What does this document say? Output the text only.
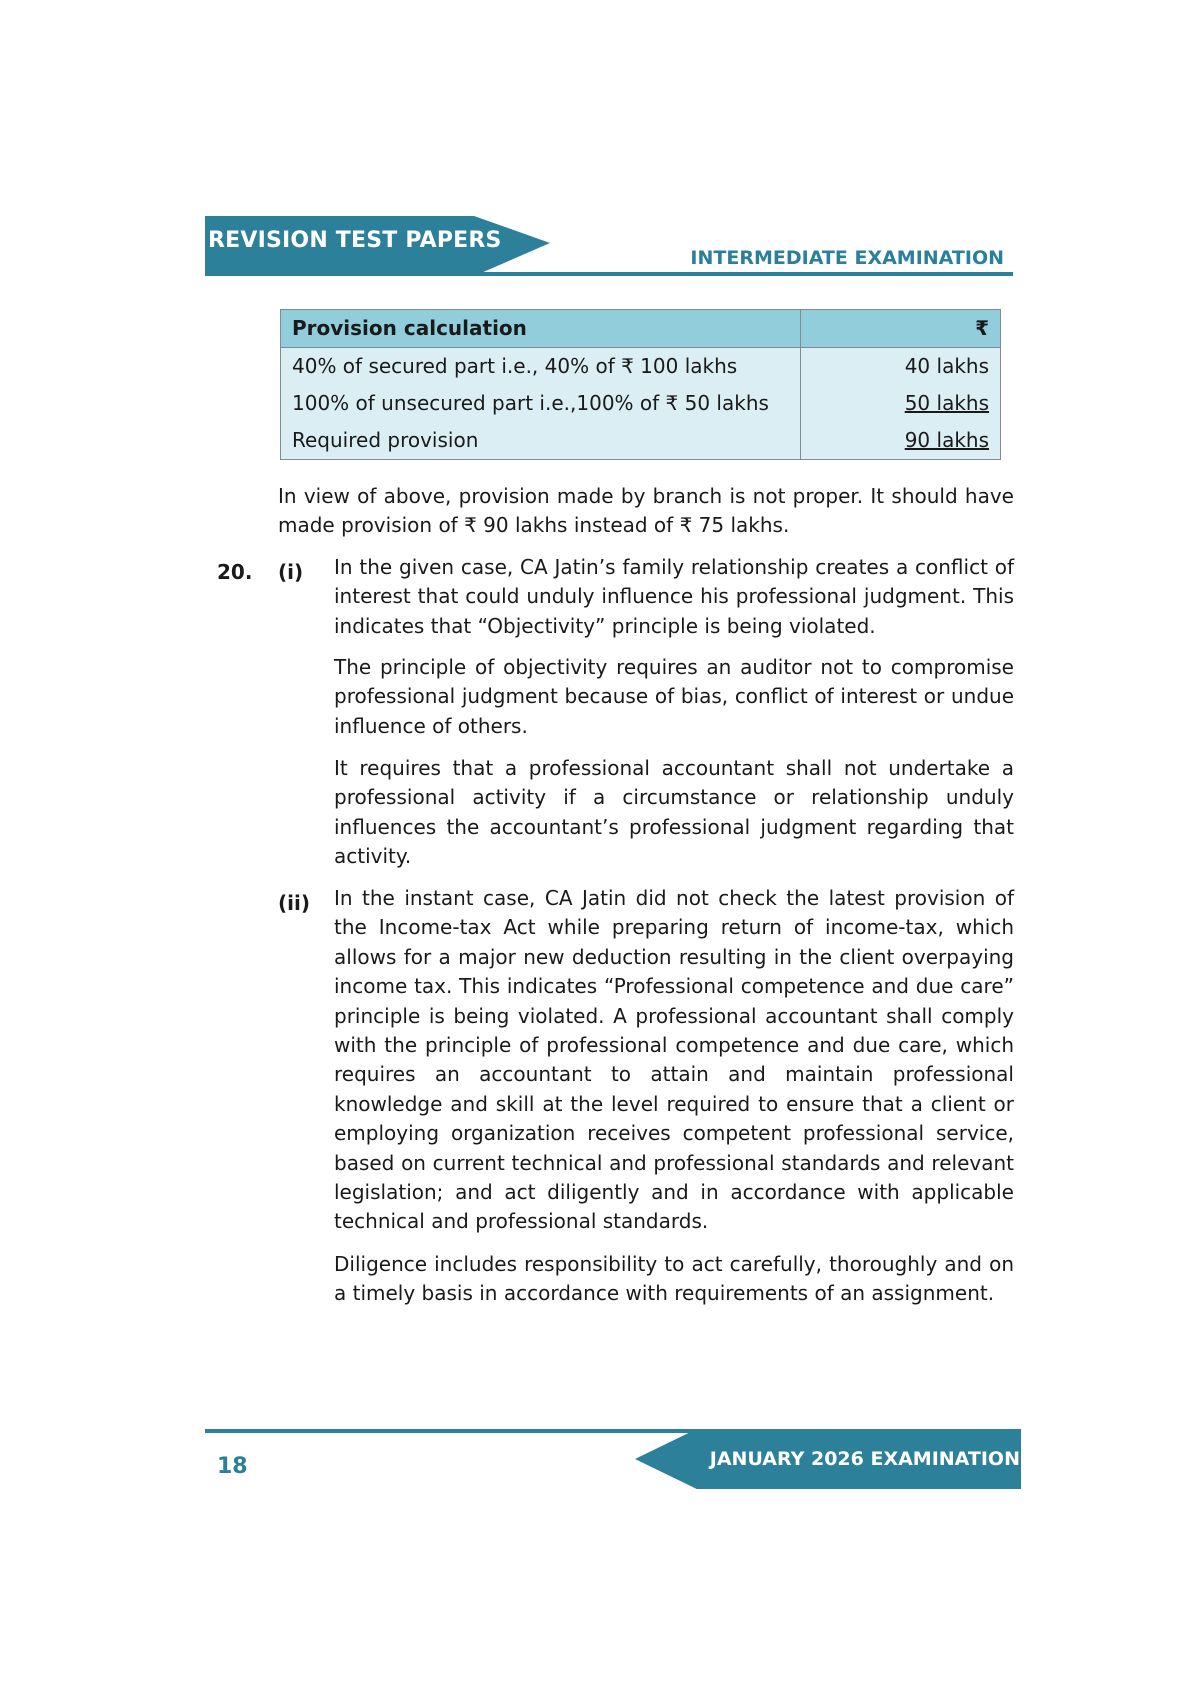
REVISION TEST PAPERS
INTERMEDIATE EXAMINATION
Provision calculation	₹
40% of secured part i.e., 40% of ₹ 100 lakhs	40 lakhs
100% of unsecured part i.e.,100% of ₹ 50 lakhs	50 lakhs
Required provision	90 lakhs

In view of above, provision made by branch is not proper. It should have made provision of ₹ 90 lakhs instead of ₹ 75 lakhs.

20. (i) In the given case, CA Jatin’s family relationship creates a conflict of interest that could unduly influence his professional judgment. This indicates that “Objectivity” principle is being violated.

The principle of objectivity requires an auditor not to compromise professional judgment because of bias, conflict of interest or undue influence of others.

It requires that a professional accountant shall not undertake a professional activity if a circumstance or relationship unduly influences the accountant’s professional judgment regarding that activity.

(ii) In the instant case, CA Jatin did not check the latest provision of the Income-tax Act while preparing return of income-tax, which allows for a major new deduction resulting in the client overpaying income tax. This indicates “Professional competence and due care” principle is being violated. A professional accountant shall comply with the principle of professional competence and due care, which requires an accountant to attain and maintain professional knowledge and skill at the level required to ensure that a client or employing organization receives competent professional service, based on current technical and professional standards and relevant legislation; and act diligently and in accordance with applicable technical and professional standards.

Diligence includes responsibility to act carefully, thoroughly and on a timely basis in accordance with requirements of an assignment.

JANUARY 2026 EXAMINATION
18
